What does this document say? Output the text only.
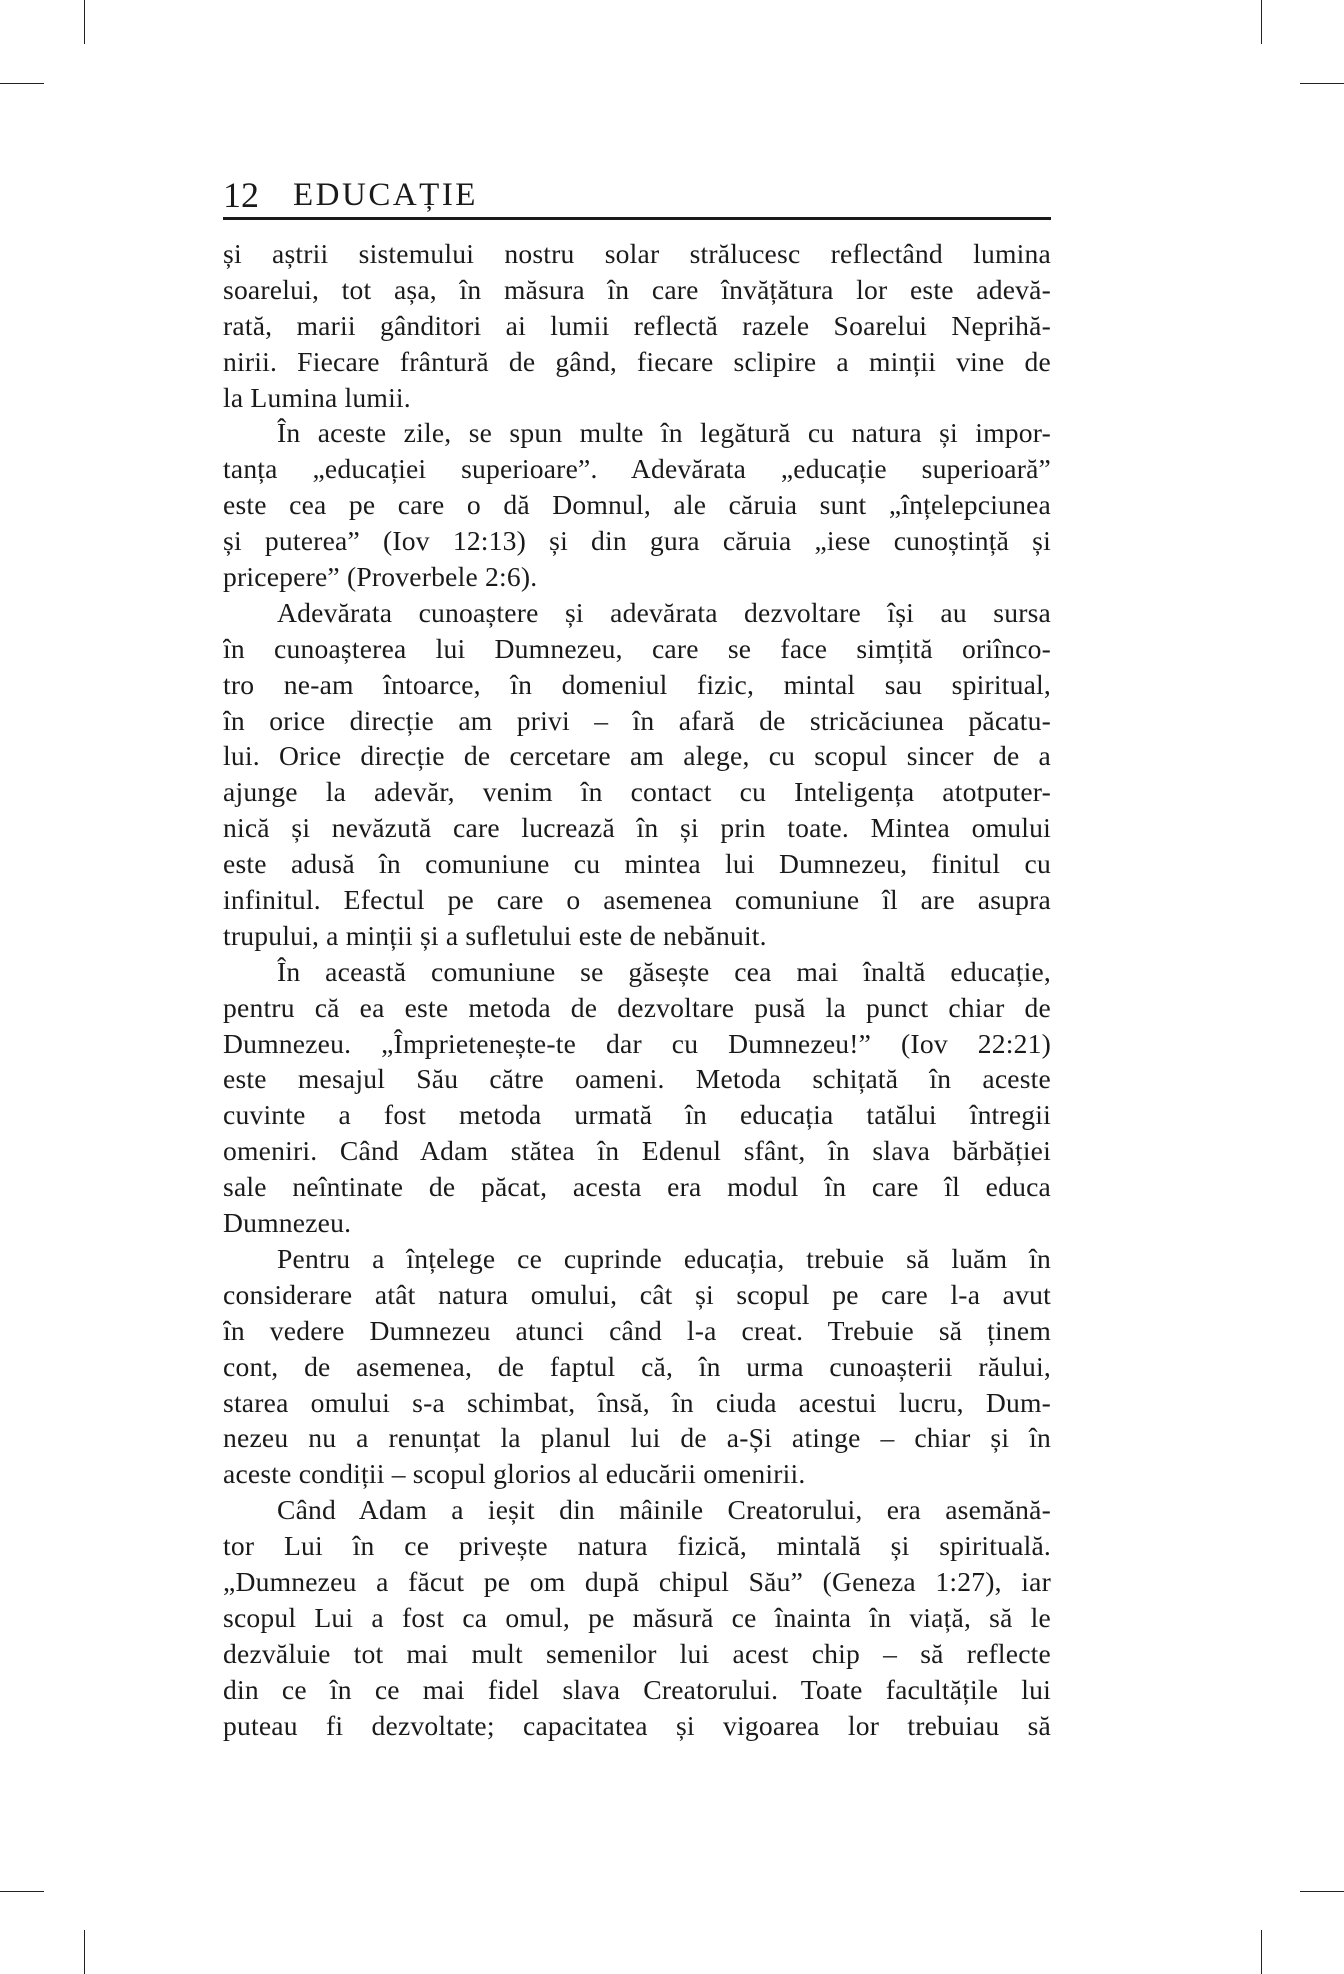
12 EDUCAȚIE
și aștrii sistemului nostru solar strălucesc reflectând lumina
soarelui, tot așa, în măsura în care învățătura lor este adevă-
rată, marii gânditori ai lumii reflectă razele Soarelui Neprihă-
nirii. Fiecare frântură de gând, fiecare sclipire a minții vine de
la Lumina lumii.
În aceste zile, se spun multe în legătură cu natura și impor-
tanța „educației superioare”. Adevărata „educație superioară”
este cea pe care o dă Domnul, ale căruia sunt „înțelepciunea
și puterea” (Iov 12:13) și din gura căruia „iese cunoștință și
pricepere” (Proverbele 2:6).
Adevărata cunoaștere și adevărata dezvoltare își au sursa
în cunoașterea lui Dumnezeu, care se face simțită oriîncο-
tro ne-am întoarce, în domeniul fizic, mintal sau spiritual,
în orice direcție am privi – în afară de stricăciunea păcatu-
lui. Orice direcție de cercetare am alege, cu scopul sincer de a
ajunge la adevăr, venim în contact cu Inteligența atotputer-
nică și nevăzută care lucrează în și prin toate. Mintea omului
este adusă în comuniune cu mintea lui Dumnezeu, finitul cu
infinitul. Efectul pe care o asemenea comuniune îl are asupra
trupului, a minții și a sufletului este de nebănuit.
În această comuniune se găsește cea mai înaltă educație,
pentru că ea este metoda de dezvoltare pusă la punct chiar de
Dumnezeu. „Împrietenește-te dar cu Dumnezeu!” (Iov 22:21)
este mesajul Său către oameni. Metoda schițată în aceste
cuvinte a fost metoda urmată în educația tatălui întregii
omeniri. Când Adam stătea în Edenul sfânt, în slava bărbăției
sale neîntinate de păcat, acesta era modul în care îl educa
Dumnezeu.
Pentru a înțelege ce cuprinde educația, trebuie să luăm în
considerare atât natura omului, cât și scopul pe care l-a avut
în vedere Dumnezeu atunci când l-a creat. Trebuie să ținem
cont, de asemenea, de faptul că, în urma cunoașterii răului,
starea omului s-a schimbat, însă, în ciuda acestui lucru, Dum-
nezeu nu a renunțat la planul lui de a-Și atinge – chiar și în
aceste condiții – scopul glorios al educării omenirii.
Când Adam a ieșit din mâinile Creatorului, era asemănă-
tor Lui în ce privește natura fizică, mintală și spirituală.
„Dumnezeu a făcut pe om după chipul Său” (Geneza 1:27), iar
scopul Lui a fost ca omul, pe măsură ce înainta în viață, să le
dezvăluie tot mai mult semenilor lui acest chip – să reflecte
din ce în ce mai fidel slava Creatorului. Toate facultățile lui
puteau fi dezvoltate; capacitatea și vigoarea lor trebuiau să
